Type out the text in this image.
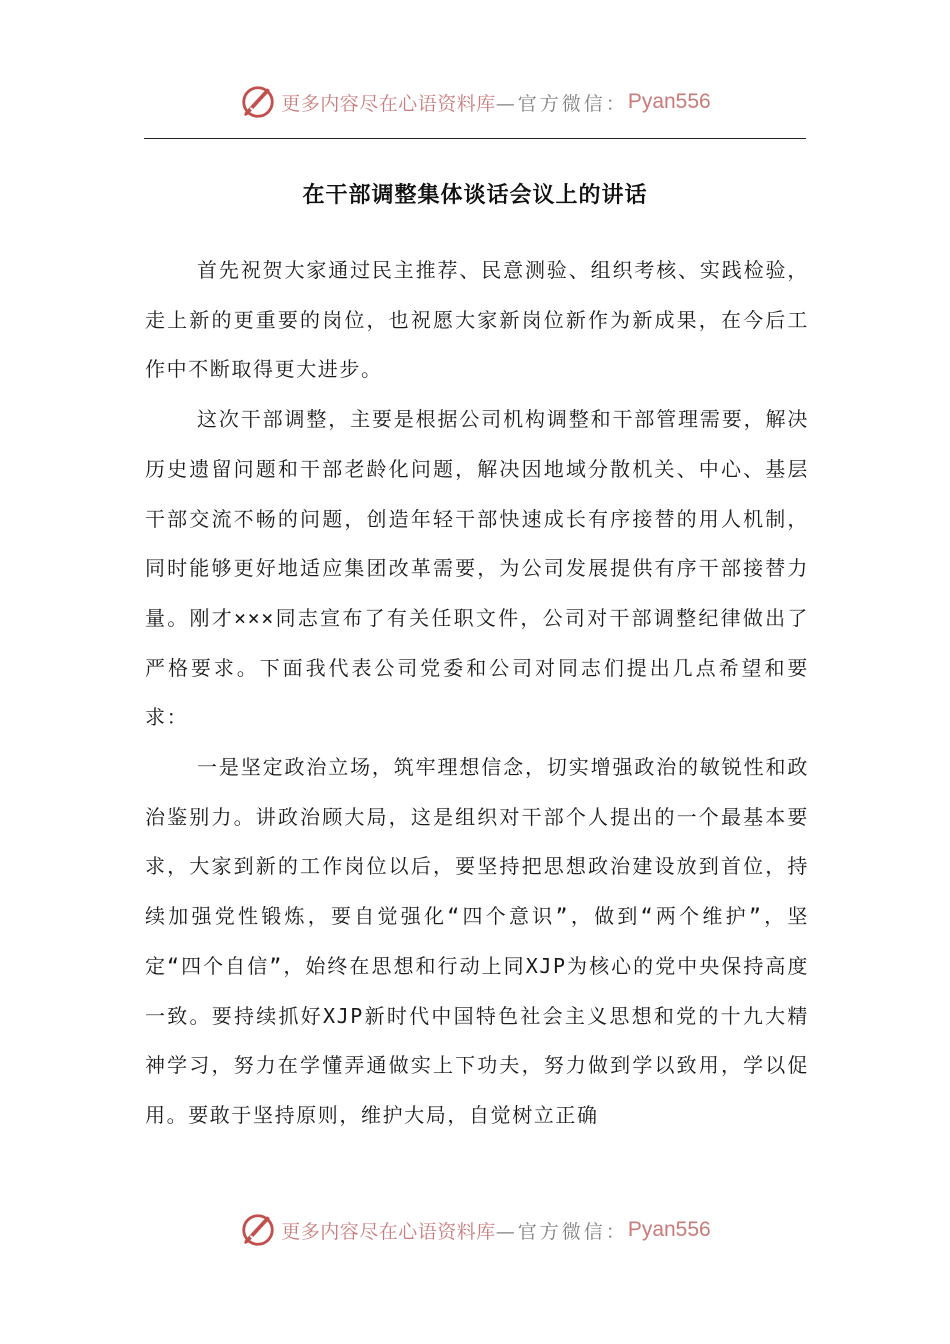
更多内容尽在心语资料库 —官方微信： Pyan556
在干部调整集体谈话会议上的讲话

首先祝贺大家通过民主推荐、民意测验、组织考核、实践检验，走上新的更重要的岗位，也祝愿大家新岗位新作为新成果，在今后工作中不断取得更大进步。

这次干部调整，主要是根据公司机构调整和干部管理需要，解决历史遗留问题和干部老龄化问题，解决因地域分散机关、中心、基层干部交流不畅的问题，创造年轻干部快速成长有序接替的用人机制，同时能够更好地适应集团改革需要，为公司发展提供有序干部接替力量。刚才×××同志宣布了有关任职文件，公司对干部调整纪律做出了严格要求。下面我代表公司党委和公司对同志们提出几点希望和要求：

一是坚定政治立场，筑牢理想信念，切实增强政治的敏锐性和政治鉴别力。讲政治顾大局，这是组织对干部个人提出的一个最基本要求，大家到新的工作岗位以后，要坚持把思想政治建设放到首位，持续加强党性锻炼，要自觉强化“四个意识”，做到“两个维护”，坚定“四个自信”，始终在思想和行动上同XJP为核心的党中央保持高度一致。要持续抓好XJP新时代中国特色社会主义思想和党的十九大精神学习，努力在学懂弄通做实上下功夫，努力做到学以致用，学以促用。要敢于坚持原则，维护大局，自觉树立正确

更多内容尽在心语资料库 —官方微信： Pyan556
